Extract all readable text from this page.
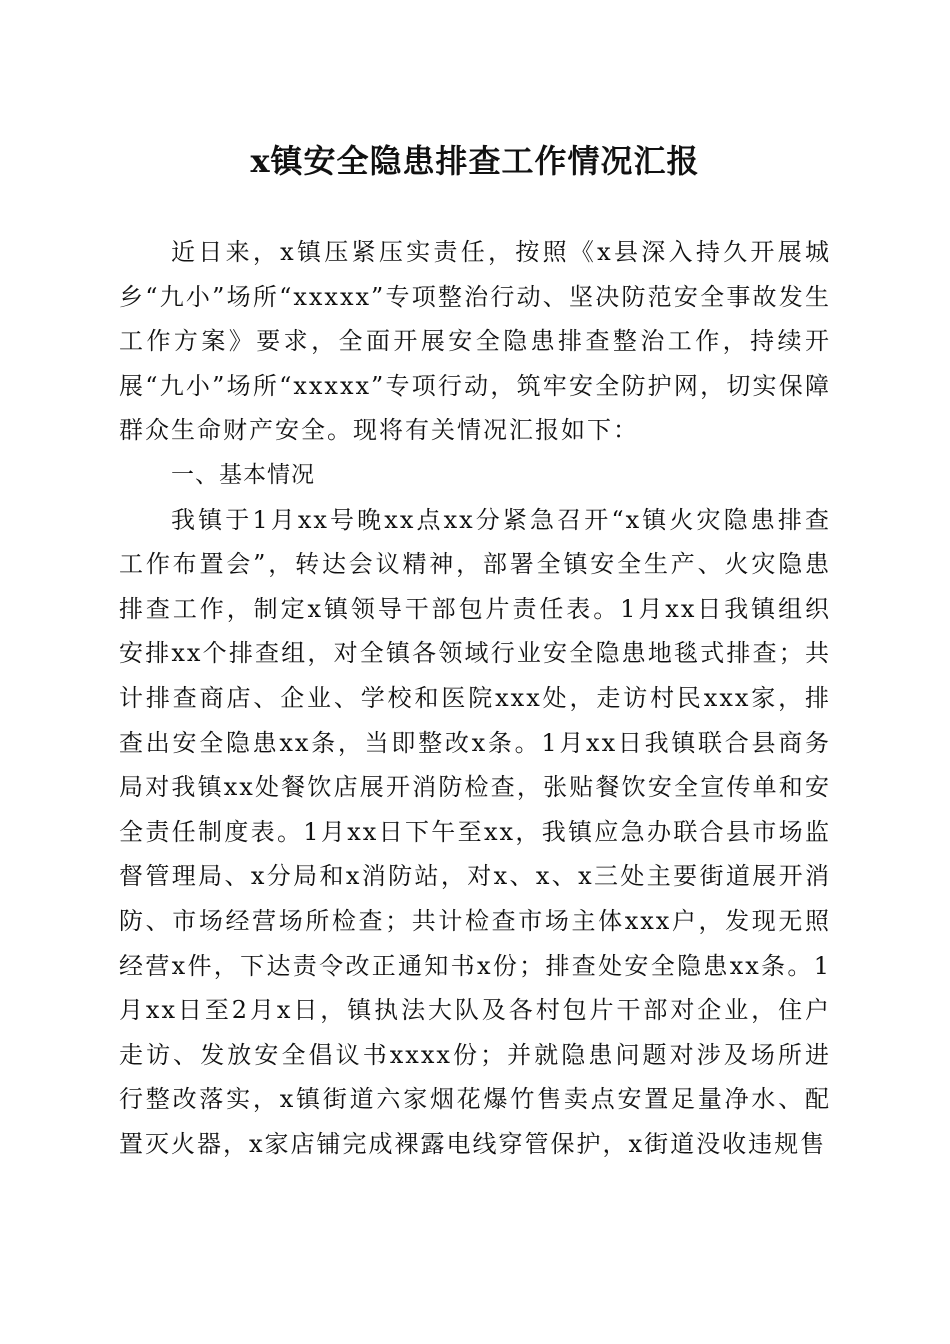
x镇安全隐患排查工作情况汇报

近日来，x镇压紧压实责任，按照《x县深入持久开展城乡“九小”场所“xxxxx”专项整治行动、坚决防范安全事故发生工作方案》要求，全面开展安全隐患排查整治工作，持续开展“九小”场所“xxxxx”专项行动，筑牢安全防护网，切实保障群众生命财产安全。现将有关情况汇报如下：

一、基本情况

我镇于1月xx号晚xx点xx分紧急召开“x镇火灾隐患排查工作布置会”，转达会议精神，部署全镇安全生产、火灾隐患排查工作，制定x镇领导干部包片责任表。1月xx日我镇组织安排xx个排查组，对全镇各领域行业安全隐患地毯式排查；共计排查商店、企业、学校和医院xxx处，走访村民xxx家，排查出安全隐患xx条，当即整改x条。1月xx日我镇联合县商务局对我镇xx处餐饮店展开消防检查，张贴餐饮安全宣传单和安全责任制度表。1月xx日下午至xx，我镇应急办联合县市场监督管理局、x分局和x消防站，对x、x、x三处主要街道展开消防、市场经营场所检查；共计检查市场主体xxx户，发现无照经营x件，下达责令改正通知书x份；排查处安全隐患xx条。1月xx日至2月x日，镇执法大队及各村包片干部对企业，住户走访、发放安全倡议书xxxx份；并就隐患问题对涉及场所进行整改落实，x镇街道六家烟花爆竹售卖点安置足量净水、配置灭火器，x家店铺完成裸露电线穿管保护，x街道没收违规售
